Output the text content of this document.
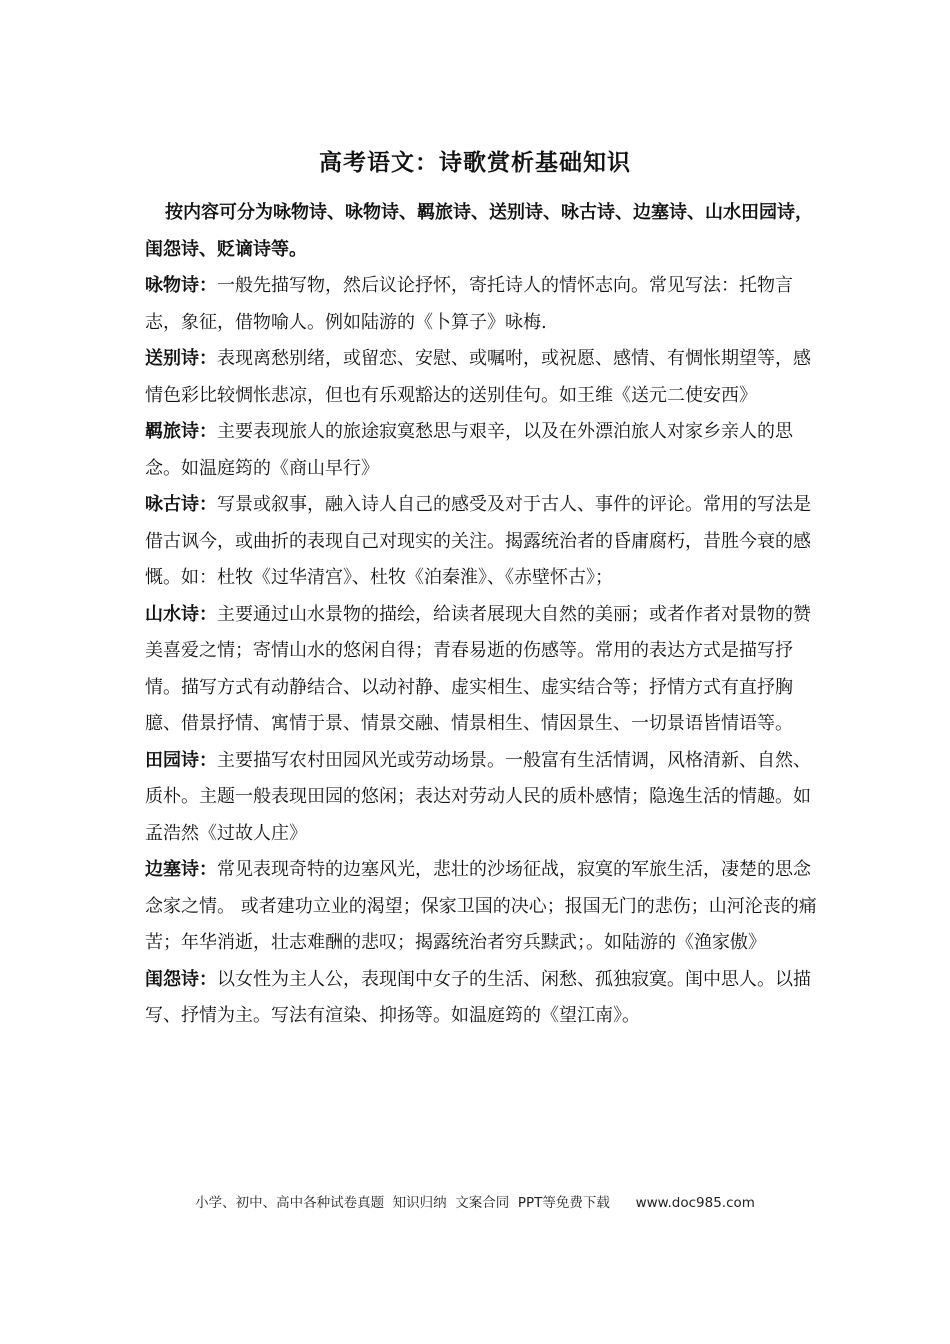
高考语文：诗歌赏析基础知识

按内容可分为咏物诗、咏物诗、羁旅诗、送别诗、咏古诗、边塞诗、山水田园诗，闺怨诗、贬谪诗等。

咏物诗：一般先描写物，然后议论抒怀，寄托诗人的情怀志向。常见写法：托物言志，象征，借物喻人。例如陆游的《卜算子》咏梅.

送别诗：表现离愁别绪，或留恋、安慰、或嘱咐，或祝愿、感情、有惆怅期望等，感情色彩比较惆怅悲凉，但也有乐观豁达的送别佳句。如王维《送元二使安西》

羁旅诗：主要表现旅人的旅途寂寞愁思与艰辛，以及在外漂泊旅人对家乡亲人的思念。如温庭筠的《商山早行》

咏古诗：写景或叙事，融入诗人自己的感受及对于古人、事件的评论。常用的写法是借古讽今，或曲折的表现自己对现实的关注。揭露统治者的昏庸腐朽，昔胜今衰的感慨。如：杜牧《过华清宫》、杜牧《泊秦淮》、《赤壁怀古》；

山水诗：主要通过山水景物的描绘，给读者展现大自然的美丽；或者作者对景物的赞美喜爱之情；寄情山水的悠闲自得；青春易逝的伤感等。常用的表达方式是描写抒情。描写方式有动静结合、以动衬静、虚实相生、虚实结合等；抒情方式有直抒胸臆、借景抒情、寓情于景、情景交融、情景相生、情因景生、一切景语皆情语等。

田园诗：主要描写农村田园风光或劳动场景。一般富有生活情调，风格清新、自然、质朴。主题一般表现田园的悠闲；表达对劳动人民的质朴感情；隐逸生活的情趣。如孟浩然《过故人庄》

边塞诗：常见表现奇特的边塞风光，悲壮的沙场征战，寂寞的军旅生活，凄楚的思念念家之情。 或者建功立业的渴望；保家卫国的决心；报国无门的悲伤；山河沦丧的痛苦；年华消逝，壮志难酬的悲叹；揭露统治者穷兵黩武；。如陆游的《渔家傲》

闺怨诗：以女性为主人公，表现闺中女子的生活、闲愁、孤独寂寞。闺中思人。以描写、抒情为主。写法有渲染、抑扬等。如温庭筠的《望江南》。

小学、初中、高中各种试卷真题  知识归纳  文案合同  PPT等免费下载      www.doc985.com
